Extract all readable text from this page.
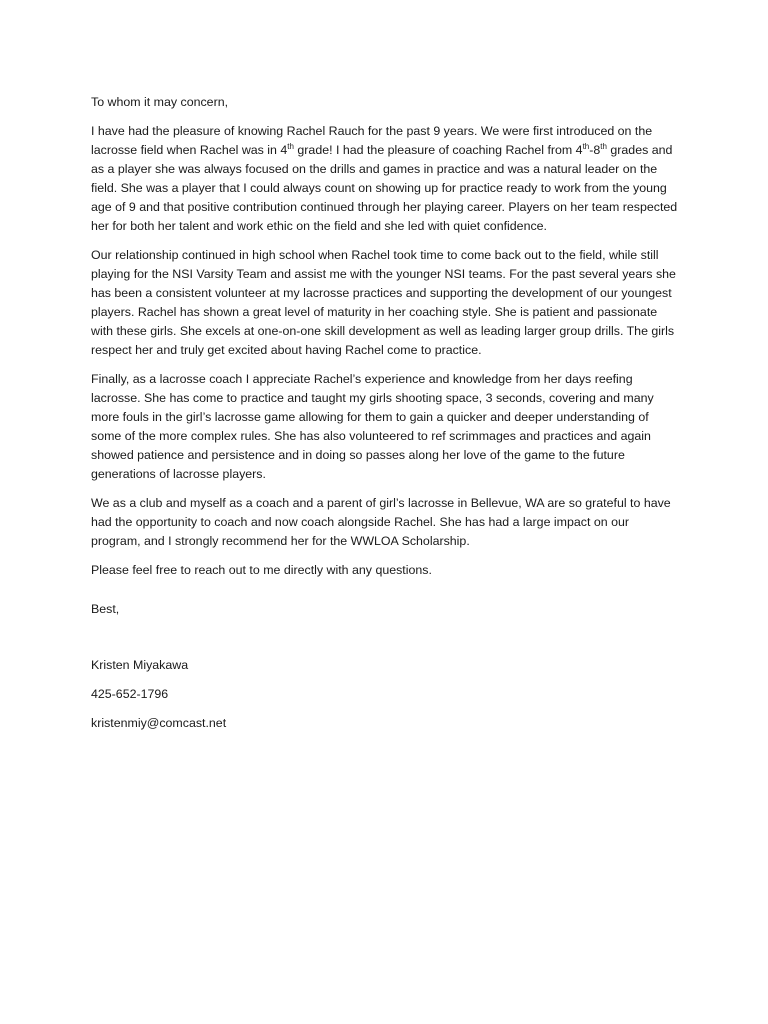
To whom it may concern,

I have had the pleasure of knowing Rachel Rauch for the past 9 years. We were first introduced on the lacrosse field when Rachel was in 4th grade! I had the pleasure of coaching Rachel from 4th-8th grades and as a player she was always focused on the drills and games in practice and was a natural leader on the field. She was a player that I could always count on showing up for practice ready to work from the young age of 9 and that positive contribution continued through her playing career. Players on her team respected her for both her talent and work ethic on the field and she led with quiet confidence.

Our relationship continued in high school when Rachel took time to come back out to the field, while still playing for the NSI Varsity Team and assist me with the younger NSI teams. For the past several years she has been a consistent volunteer at my lacrosse practices and supporting the development of our youngest players. Rachel has shown a great level of maturity in her coaching style. She is patient and passionate with these girls. She excels at one-on-one skill development as well as leading larger group drills. The girls respect her and truly get excited about having Rachel come to practice.

Finally, as a lacrosse coach I appreciate Rachel’s experience and knowledge from her days reefing lacrosse. She has come to practice and taught my girls shooting space, 3 seconds, covering and many more fouls in the girl’s lacrosse game allowing for them to gain a quicker and deeper understanding of some of the more complex rules. She has also volunteered to ref scrimmages and practices and again showed patience and persistence and in doing so passes along her love of the game to the future generations of lacrosse players.

We as a club and myself as a coach and a parent of girl’s lacrosse in Bellevue, WA are so grateful to have had the opportunity to coach and now coach alongside Rachel. She has had a large impact on our program, and I strongly recommend her for the WWLOA Scholarship.

Please feel free to reach out to me directly with any questions.

Best,

Kristen Miyakawa

425-652-1796

kristenmiy@comcast.net
